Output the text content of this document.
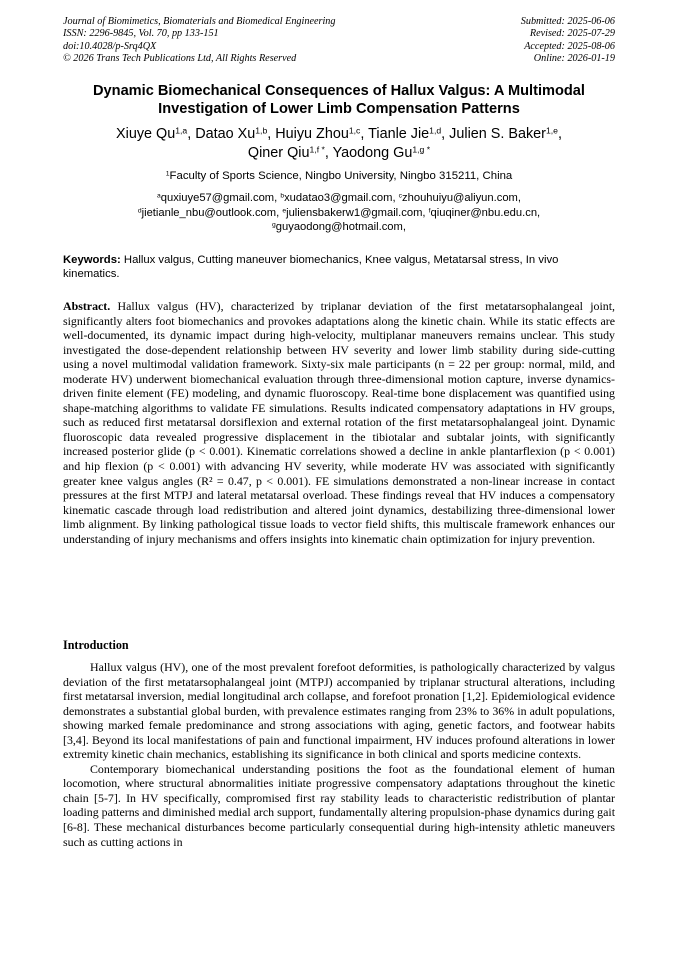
Journal of Biomimetics, Biomaterials and Biomedical Engineering
ISSN: 2296-9845, Vol. 70, pp 133-151
doi:10.4028/p-Srq4QX
© 2026 Trans Tech Publications Ltd, All Rights Reserved
Submitted: 2025-06-06
Revised: 2025-07-29
Accepted: 2025-08-06
Online: 2026-01-19
Dynamic Biomechanical Consequences of Hallux Valgus: A Multimodal Investigation of Lower Limb Compensation Patterns
Xiuye Qu$^{1,a}$, Datao Xu$^{1,b}$, Huiyu Zhou$^{1,c}$, Tianle Jie$^{1,d}$, Julien S. Baker$^{1,e}$,
Qiner Qiu$^{1,f *}$, Yaodong $Gu^{1,g *}$
$^1$Faculty of Sports Science, Ningbo University, Ningbo 315211, China
$^a$quxiuye57@gmail.com, $^b$xudatao3@gmail.com, $^c$zhouhuiyu@aliyun.com,
$^d$jietianle_nbu@outlook.com, $^e$juliensbakerw1@gmail.com, $^f$qiuqiner@nbu.edu.cn,
$^g$guyaodong@hotmail.com,
Keywords: Hallux valgus, Cutting maneuver biomechanics, Knee valgus, Metatarsal stress, In vivo kinematics.
Abstract. Hallux valgus (HV), characterized by triplanar deviation of the first metatarsophalangeal joint, significantly alters foot biomechanics and provokes adaptations along the kinetic chain. While its static effects are well-documented, its dynamic impact during high-velocity, multiplanar maneuvers remains unclear. This study investigated the dose-dependent relationship between HV severity and lower limb stability during side-cutting using a novel multimodal validation framework. Sixty-six male participants (n = 22 per group: normal, mild, and moderate HV) underwent biomechanical evaluation through three-dimensional motion capture, inverse dynamics-driven finite element (FE) modeling, and dynamic fluoroscopy. Real-time bone displacement was quantified using shape-matching algorithms to validate FE simulations. Results indicated compensatory adaptations in HV groups, such as reduced first metatarsal dorsiflexion and external rotation of the first metatarsophalangeal joint. Dynamic fluoroscopic data revealed progressive displacement in the tibiotalar and subtalar joints, with significantly increased posterior glide (p < 0.001). Kinematic correlations showed a decline in ankle plantarflexion (p < 0.001) and hip flexion (p < 0.001) with advancing HV severity, while moderate HV was associated with significantly greater knee valgus angles (R² = 0.47, p < 0.001). FE simulations demonstrated a non-linear increase in contact pressures at the first MTPJ and lateral metatarsal overload. These findings reveal that HV induces a compensatory kinematic cascade through load redistribution and altered joint dynamics, destabilizing three-dimensional lower limb alignment. By linking pathological tissue loads to vector field shifts, this multiscale framework enhances our understanding of injury mechanisms and offers insights into kinematic chain optimization for injury prevention.
Introduction

Hallux valgus (HV), one of the most prevalent forefoot deformities, is pathologically characterized by valgus deviation of the first metatarsophalangeal joint (MTPJ) accompanied by triplanar structural alterations, including first metatarsal inversion, medial longitudinal arch collapse, and forefoot pronation [1,2]. Epidemiological evidence demonstrates a substantial global burden, with prevalence estimates ranging from 23% to 36% in adult populations, showing marked female predominance and strong associations with aging, genetic factors, and footwear habits [3,4]. Beyond its local manifestations of pain and functional impairment, HV induces profound alterations in lower extremity kinetic chain mechanics, establishing its significance in both clinical and sports medicine contexts.

Contemporary biomechanical understanding positions the foot as the foundational element of human locomotion, where structural abnormalities initiate progressive compensatory adaptations throughout the kinetic chain [5-7]. In HV specifically, compromised first ray stability leads to characteristic redistribution of plantar loading patterns and diminished medial arch support, fundamentally altering propulsion-phase dynamics during gait [6-8]. These mechanical disturbances become particularly consequential during high-intensity athletic maneuvers such as cutting actions in
